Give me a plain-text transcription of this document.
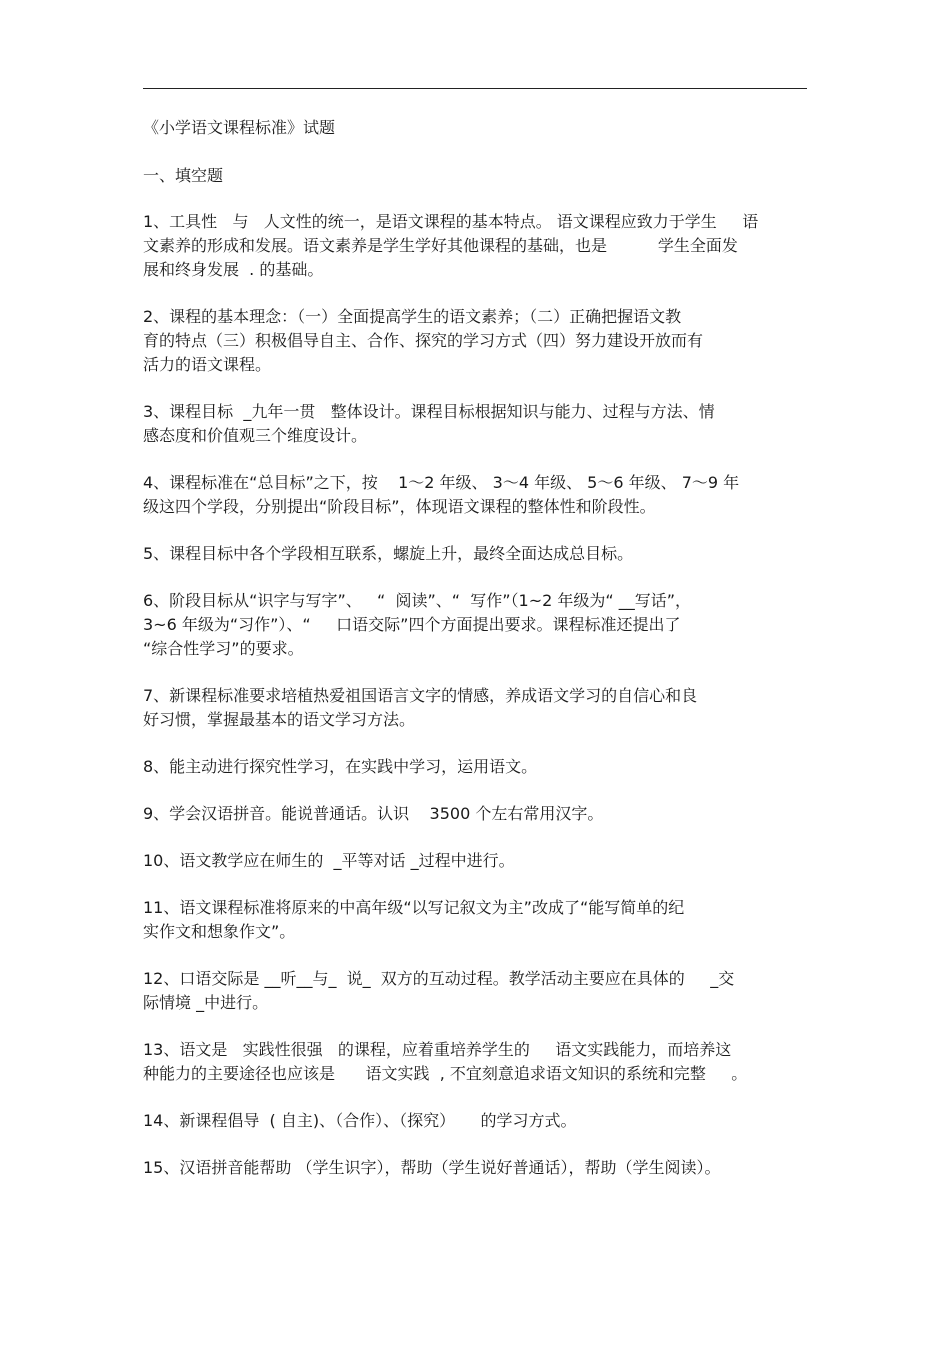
《小学语文课程标准》试题
一、填空题
1、工具性   与   人文性的统一，是语文课程的基本特点。 语文课程应致力于学生     语
文素养的形成和发展。语文素养是学生学好其他课程的基础，也是          学生全面发
展和终身发展  . 的基础。
2、课程的基本理念：（一）全面提高学生的语文素养；（二）正确把握语文教
育的特点（三）积极倡导自主、合作、探究的学习方式（四）努力建设开放而有
活力的语文课程。
3、课程目标  _九年一贯   整体设计。课程目标根据知识与能力、过程与方法、情
感态度和价值观三个维度设计。
4、课程标准在“总目标”之下，按    1～2 年级、 3～4 年级、 5～6 年级、 7～9 年
级这四个学段，分别提出“阶段目标”，体现语文课程的整体性和阶段性。
5、课程目标中各个学段相互联系，螺旋上升，最终全面达成总目标。
6、阶段目标从“识字与写字”、   “  阅读”、“  写作”（1~2 年级为“ __写话”，
3~6 年级为“习作”）、“     口语交际”四个方面提出要求。课程标准还提出了
“综合性学习”的要求。
7、新课程标准要求培植热爱祖国语言文字的情感，养成语文学习的自信心和良
好习惯，掌握最基本的语文学习方法。
8、能主动进行探究性学习，在实践中学习，运用语文。
9、学会汉语拼音。能说普通话。认识    3500 个左右常用汉字。
10、语文教学应在师生的  _平等对话 _过程中进行。
11、语文课程标准将原来的中高年级“以写记叙文为主”改成了“能写简单的纪
实作文和想象作文”。
12、口语交际是 __听__与_  说_  双方的互动过程。教学活动主要应在具体的     _交
际情境 _中进行。
13、语文是   实践性很强   的课程，应着重培养学生的     语文实践能力，而培养这
种能力的主要途径也应该是      语文实践  , 不宜刻意追求语文知识的系统和完整     。
14、新课程倡导  ( 自主)、（合作）、（探究）     的学习方式。
15、汉语拼音能帮助 （学生识字），帮助（学生说好普通话），帮助（学生阅读）。
